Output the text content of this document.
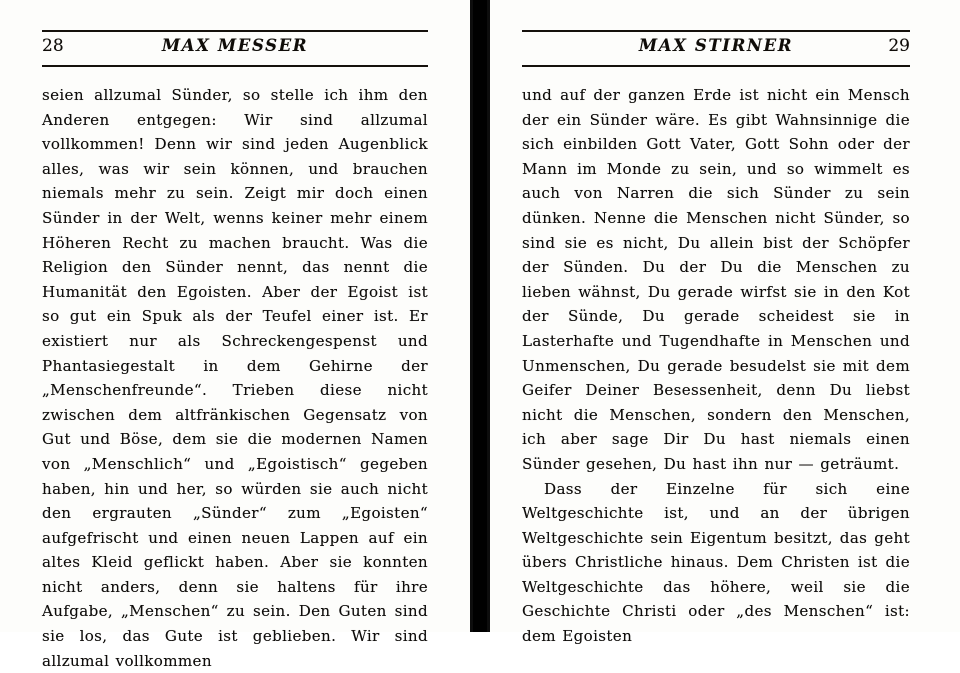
28	MAX MESSER

seien allzumal Sünder, so stelle ich ihm den Anderen entgegen: Wir sind allzumal vollkommen! Denn wir sind jeden Augenblick alles, was wir sein können, und brauchen niemals mehr zu sein. Zeigt mir doch einen Sünder in der Welt, wenns keiner mehr einem Höheren Recht zu machen braucht. Was die Religion den Sünder nennt, das nennt die Humanität den Egoisten. Aber der Egoist ist so gut ein Spuk als der Teufel einer ist. Er existiert nur als Schreckengespenst und Phantasiegestalt in dem Gehirne der „Menschenfreunde“. Trieben diese nicht zwischen dem altfränkischen Gegensatz von Gut und Böse, dem sie die modernen Namen von „Menschlich“ und „Egoistisch“ gegeben haben, hin und her, so würden sie auch nicht den ergrauten „Sünder“ zum „Egoisten“ aufgefrischt und einen neuen Lappen auf ein altes Kleid geflickt haben. Aber sie konnten nicht anders, denn sie haltens für ihre Aufgabe, „Menschen“ zu sein. Den Guten sind sie los, das Gute ist geblieben. Wir sind allzumal vollkommen

MAX STIRNER	29

und auf der ganzen Erde ist nicht ein Mensch der ein Sünder wäre. Es gibt Wahnsinnige die sich einbilden Gott Vater, Gott Sohn oder der Mann im Monde zu sein, und so wimmelt es auch von Narren die sich Sünder zu sein dünken. Nenne die Menschen nicht Sünder, so sind sie es nicht, Du allein bist der Schöpfer der Sünden. Du der Du die Menschen zu lieben wähnst, Du gerade wirfst sie in den Kot der Sünde, Du gerade scheidest sie in Lasterhafte und Tugendhafte in Menschen und Unmenschen, Du gerade besudelst sie mit dem Geifer Deiner Besessenheit, denn Du liebst nicht die Menschen, sondern den Menschen, ich aber sage Dir Du hast niemals einen Sünder gesehen, Du hast ihn nur — geträumt.

Dass der Einzelne für sich eine Weltgeschichte ist, und an der übrigen Weltgeschichte sein Eigentum besitzt, das geht übers Christliche hinaus. Dem Christen ist die Weltgeschichte das höhere, weil sie die Geschichte Christi oder „des Menschen“ ist: dem Egoisten
